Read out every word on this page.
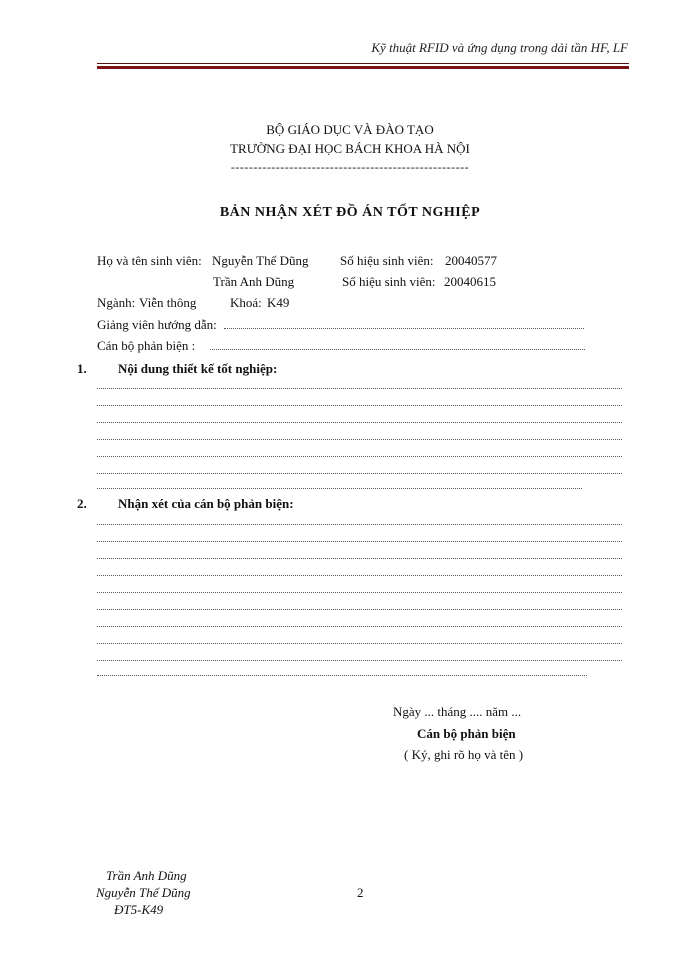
Kỹ thuật RFID và ứng dụng trong dải tần HF, LF
BỘ GIÁO DỤC VÀ ĐÀO TẠO
TRƯỜNG ĐẠI HỌC BÁCH KHOA HÀ NỘI
-----------------------------------------------------
BẢN NHẬN XÉT ĐỒ ÁN TỐT NGHIỆP
Họ và tên sinh viên: Nguyễn Thế Dũng Số hiệu sinh viên: 20040577
Trần Anh Dũng	Số hiệu sinh viên: 20040615
Ngành: Viễn thông	Khoá: K49
Giảng viên hướng dẫn:
Cán bộ phản biện :
1. Nội dung thiết kế tốt nghiệp:
2. Nhận xét của cán bộ phản biện:
Ngày ... tháng .... năm ...
Cán bộ phản biện
( Ký, ghi rõ họ và tên )
Trần Anh Dũng
Nguyễn Thế Dũng
ĐT5-K49
2
